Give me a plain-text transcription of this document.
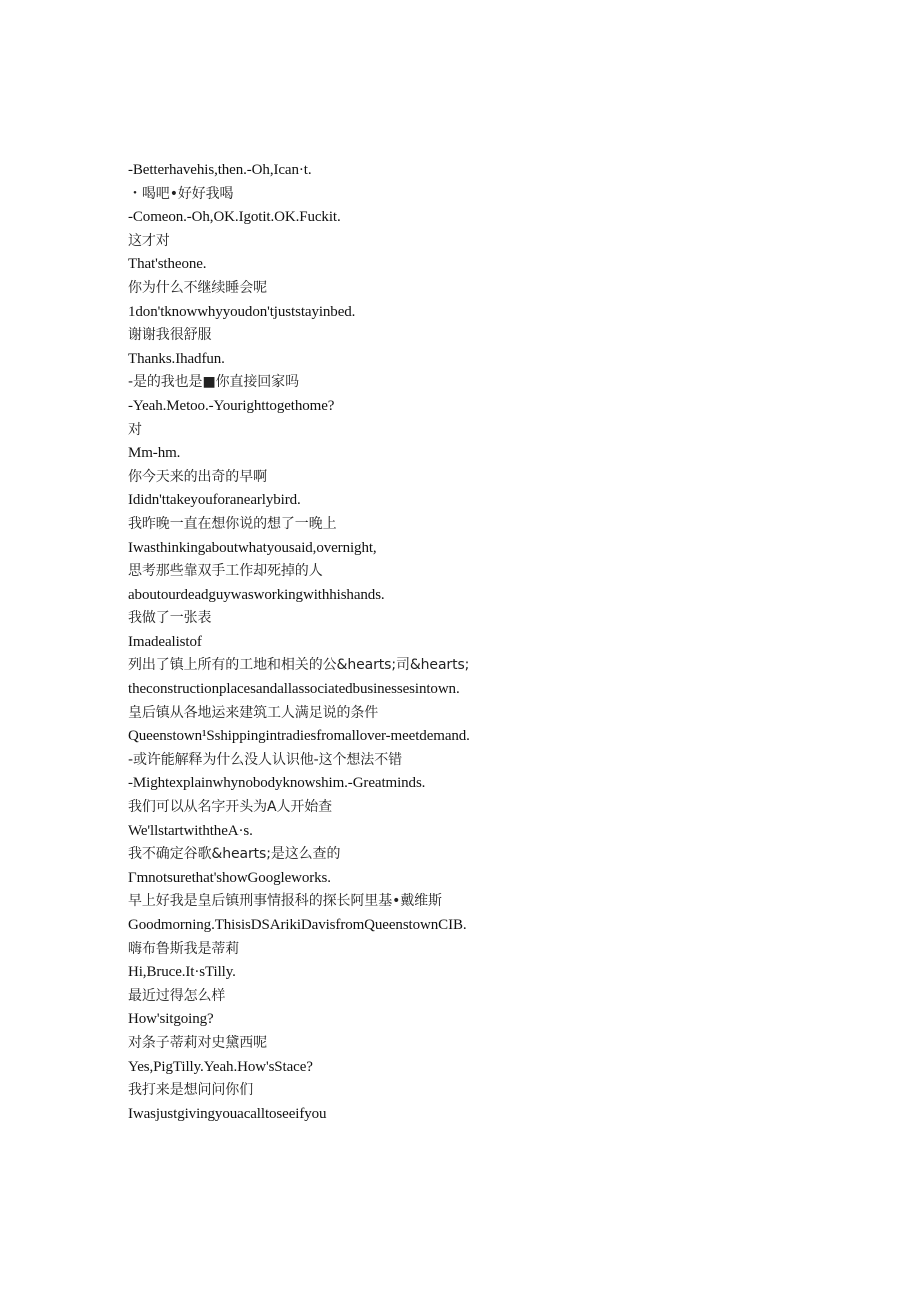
-Betterhavehis,then.-Oh,Ican·t.
・喝吧•好好我喝
-Comeon.-Oh,OK.Igotit.OK.Fuckit.
这才对
That'stheone.
你为什么不继续睡会呢
1don'tknowwhyyoudon'tjuststayinbed.
谢谢我很舒服
Thanks.Ihadfun.
-是的我也是■你直接回家吗
-Yeah.Metoo.-Yourighttogethome?
对
Mm-hm.
你今天来的出奇的早啊
Ididn'ttakeyouforanearlybird.
我昨晚一直在想你说的想了一晚上
Iwasthinkingaboutwhatyousaid,overnight,
思考那些靠双手工作却死掉的人
aboutourdeadguywasworkingwithhishands.
我做了一张表
Imadealistof
列出了镇上所有的工地和相关的公&hearts;司&hearts;
theconstructionplacesandallassociatedbusinessesintown.
皇后镇从各地运来建筑工人满足说的条件
Queenstown¹Sshippingintradiesfromallover-meetdemand.
-或许能解释为什么没人认识他-这个想法不错
-Mightexplainwhynobodyknowshim.-Greatminds.
我们可以从名字开头为A人开始查
We'llstartwiththeA·s.
我不确定谷歌&hearts;是这么查的
Γmnotsurethat'showGoogleworks.
早上好我是皇后镇刑事情报科的探长阿里基•戴维斯
Goodmorning.ThisisDSArikiDavisfromQueenstownCIB.
嗨布鲁斯我是蒂莉
Hi,Bruce.It·sTilly.
最近过得怎么样
How'sitgoing?
对条子蒂莉对史黛西呢
Yes,PigTilly.Yeah.How'sStace?
我打来是想问问你们
Iwasjustgivingyouacalltoseeifyou
